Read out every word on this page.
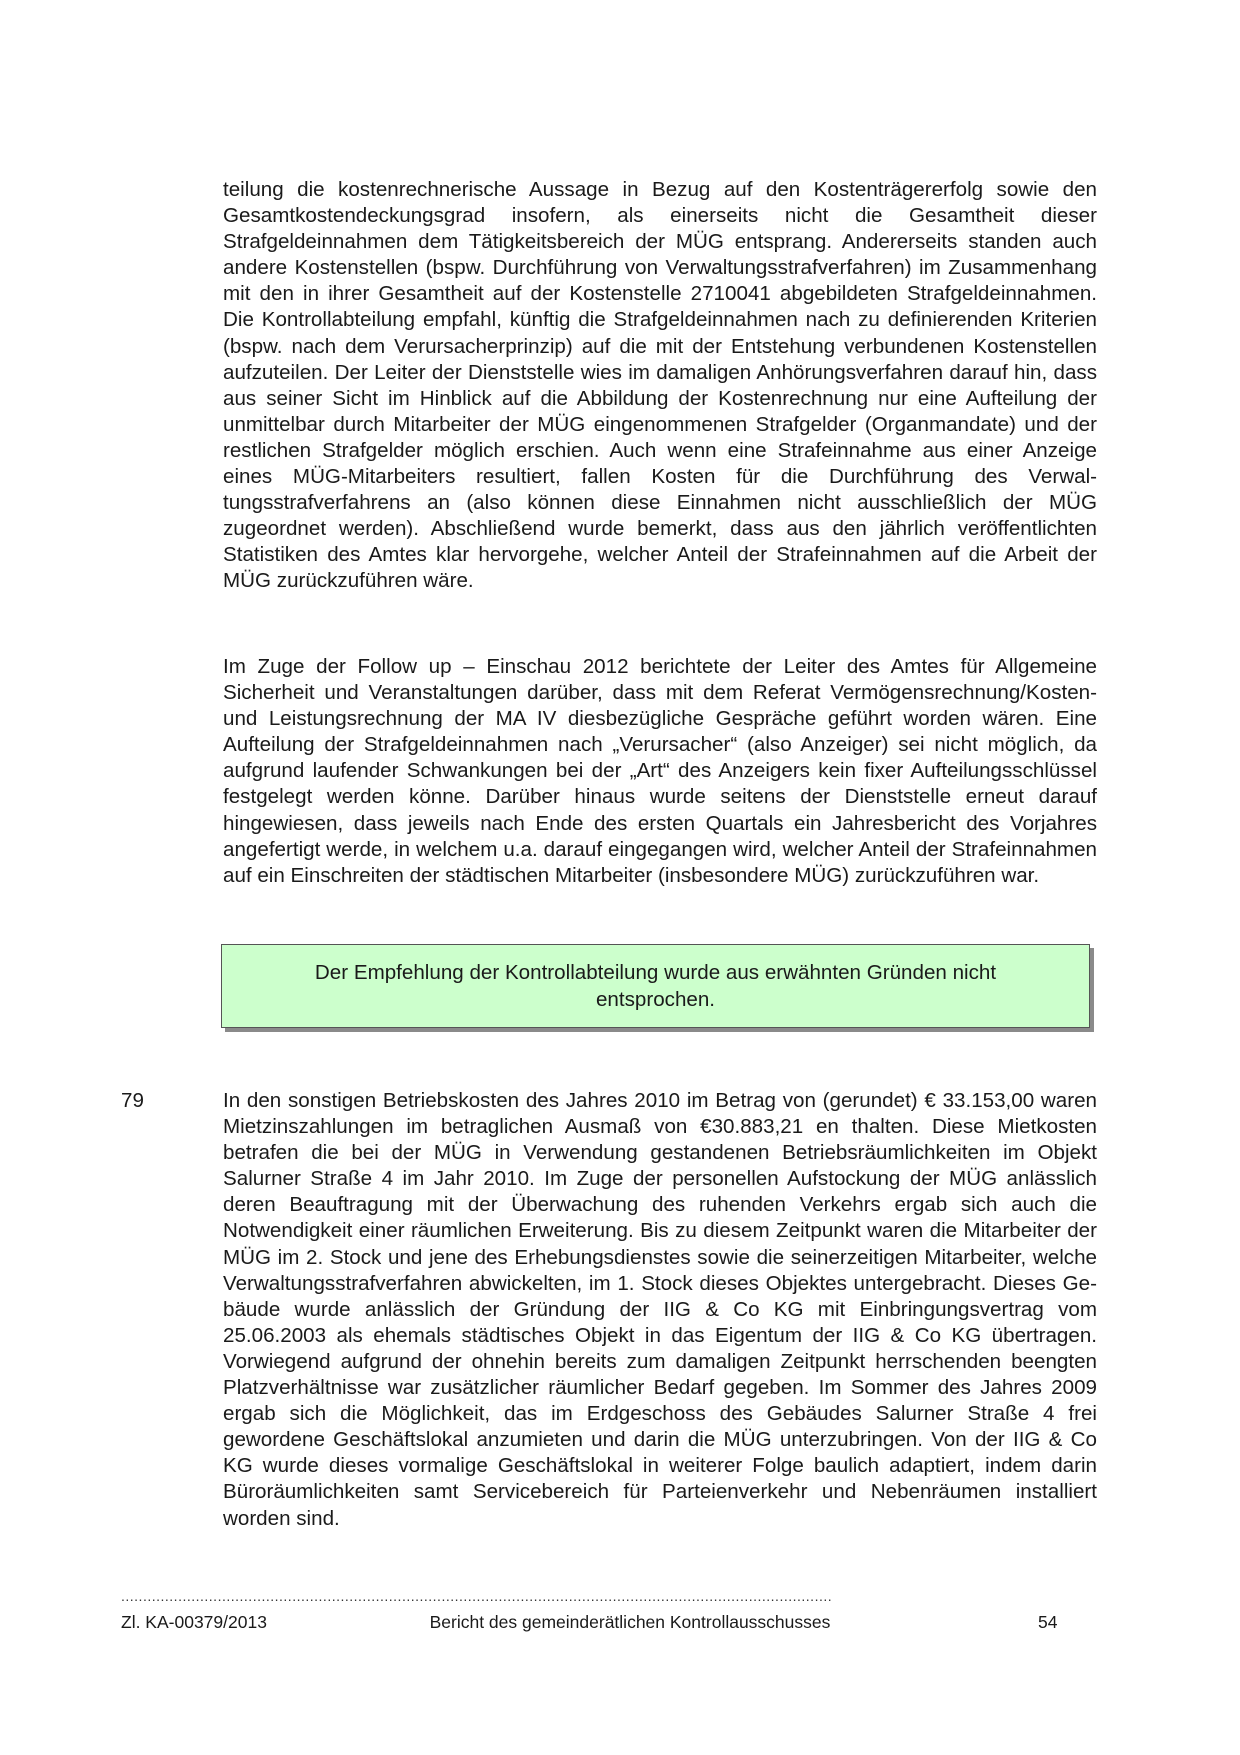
teilung die kostenrechnerische Aussage in Bezug auf den Kostenträgererfolg sowie den Gesamtkostendeckungsgrad insofern, als einerseits nicht die Gesamtheit dieser Strafgeldeinnahmen dem Tätigkeitsbereich der MÜG entsprang. Andererseits standen auch andere Kostenstellen (bspw. Durchführung von Verwaltungsstrafverfahren) im Zusammenhang mit den in ihrer Gesamtheit auf der Kostenstelle 2710041 abgebildeten Strafgeldeinnahmen. Die Kontrollabteilung empfahl, künftig die Strafgeldeinnahmen nach zu definierenden Kriterien (bspw. nach dem Verursacherprinzip) auf die mit der Entstehung verbundenen Kostenstellen aufzuteilen. Der Leiter der Dienststelle wies im damaligen Anhörungsverfahren darauf hin, dass aus seiner Sicht im Hinblick auf die Abbildung der Kostenrechnung nur eine Aufteilung der unmittelbar durch Mitarbeiter der MÜG eingenommenen Strafgelder (Organmandate) und der restlichen Strafgelder möglich erschien. Auch wenn eine Strafeinnahme aus einer Anzeige eines MÜG-Mitarbeiters resultiert, fallen Kosten für die Durchführung des Verwaltungsstrafverfahrens an (also können diese Einnahmen nicht ausschließlich der MÜG zugeordnet werden). Abschließend wurde bemerkt, dass aus den jährlich veröffentlichten Statistiken des Amtes klar hervorgehe, welcher Anteil der Strafeinnahmen auf die Arbeit der MÜG zurückzuführen wäre.

Im Zuge der Follow up – Einschau 2012 berichtete der Leiter des Amtes für Allgemeine Sicherheit und Veranstaltungen darüber, dass mit dem Referat Vermögensrechnung/Kosten- und Leistungsrechnung der MA IV diesbezügliche Gespräche geführt worden wären. Eine Aufteilung der Strafgeldeinnahmen nach „Verursacher“ (also Anzeiger) sei nicht möglich, da aufgrund laufender Schwankungen bei der „Art“ des Anzeigers kein fixer Aufteilungsschlüssel festgelegt werden könne. Darüber hinaus wurde seitens der Dienststelle erneut darauf hingewiesen, dass jeweils nach Ende des ersten Quartals ein Jahresbericht des Vorjahres angefertigt werde, in welchem u.a. darauf eingegangen wird, welcher Anteil der Strafeinnahmen auf ein Einschreiten der städtischen Mitarbeiter (insbesondere MÜG) zurückzuführen war.

Der Empfehlung der Kontrollabteilung wurde aus erwähnten Gründen nicht entsprochen.
79	In den sonstigen Betriebskosten des Jahres 2010 im Betrag von (gerundet) € 33.153,00 waren Mietzinszahlungen im betraglichen Ausmaß von €30.883,21 en thalten. Diese Mietkosten betrafen die bei der MÜG in Verwendung gestandenen Betriebsräumlichkeiten im Objekt Salurner Straße 4 im Jahr 2010. Im Zuge der personellen Aufstockung der MÜG anlässlich deren Beauftragung mit der Überwachung des ruhenden Verkehrs ergab sich auch die Notwendigkeit einer räumlichen Erweiterung. Bis zu diesem Zeitpunkt waren die Mitarbeiter der MÜG im 2. Stock und jene des Erhebungsdienstes sowie die seinerzeitigen Mitarbeiter, welche Verwaltungsstrafverfahren abwickelten, im 1. Stock dieses Objektes untergebracht. Dieses Gebäude wurde anlässlich der Gründung der IIG & Co KG mit Einbringungsvertrag vom 25.06.2003 als ehemals städtisches Objekt in das Eigentum der IIG & Co KG übertragen. Vorwiegend aufgrund der ohnehin bereits zum damaligen Zeitpunkt herrschenden beengten Platzverhältnisse war zusätzlicher räumlicher Bedarf gegeben. Im Sommer des Jahres 2009 ergab sich die Möglichkeit, das im Erdgeschoss des Gebäudes Salurner Straße 4 frei gewordene Geschäftslokal anzumieten und darin die MÜG unterzubringen. Von der IIG & Co KG wurde dieses vormalige Geschäftslokal in weiterer Folge baulich adaptiert, indem darin Büroräumlichkeiten samt Servicebereich für Parteienverkehr und Nebenräumen installiert worden sind.

..................................................................................................................................................................
Zl. KA-00379/2013	Bericht des gemeinderätlichen Kontrollausschusses	54
